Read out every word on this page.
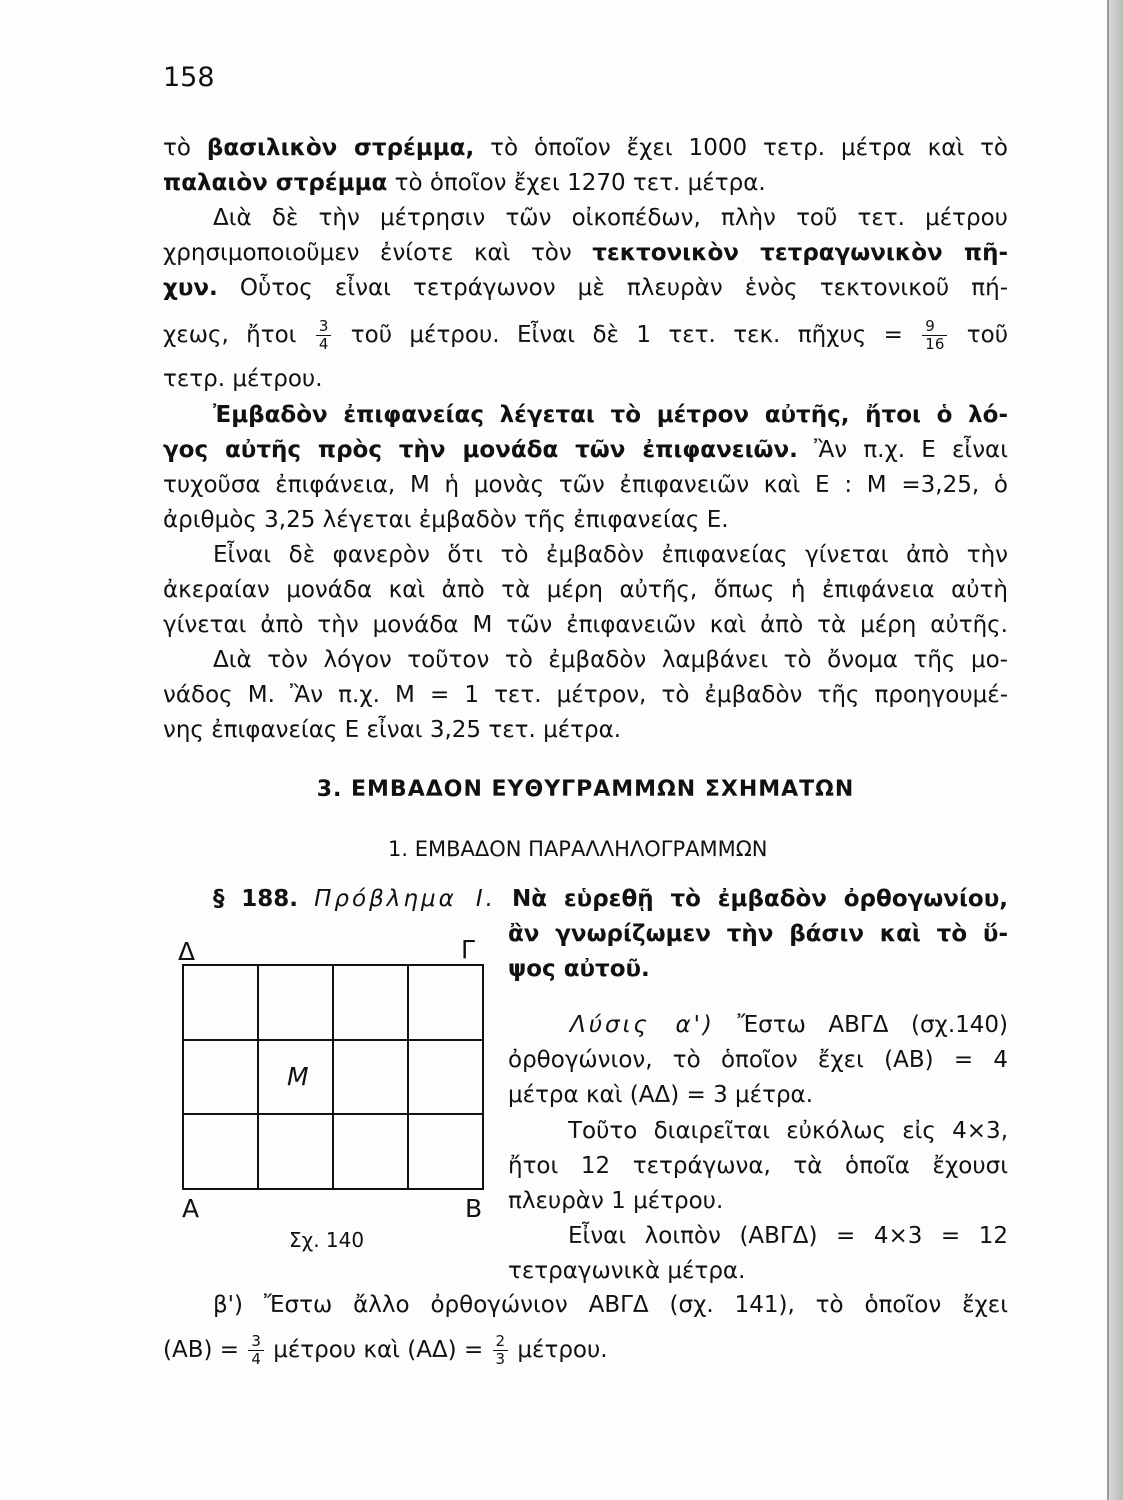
158
τὸ βασιλικὸν στρέμμα, τὸ ὁποῖον ἔχει 1000 τετρ. μέτρα καὶ τὸ
παλαιὸν στρέμμα τὸ ὁποῖον ἔχει 1270 τετ. μέτρα.
Διὰ δὲ τὴν μέτρησιν τῶν οἰκοπέδων, πλὴν τοῦ τετ. μέτρου
χρησιμοποιοῦμεν ἐνίοτε καὶ τὸν τεκτονικὸν τετραγωνικὸν πῆ-
χυν. Οὗτος εἶναι τετράγωνον μὲ πλευρὰν ἑνὸς τεκτονικοῦ πή-
χεως, ἤτοι $\frac{3}{4}$ τοῦ μέτρου. Εἶναι δὲ 1 τετ. τεκ. πῆχυς = $\frac{9}{16}$ τοῦ
τετρ. μέτρου.
Ἐμβαδὸν ἐπιφανείας λέγεται τὸ μέτρον αὐτῆς, ἤτοι ὁ λό-
γος αὐτῆς πρὸς τὴν μονάδα τῶν ἐπιφανειῶν. Ἂν π.χ. Ε εἶναι
τυχοῦσα ἐπιφάνεια, Μ ἡ μονὰς τῶν ἐπιφανειῶν καὶ Ε : Μ =3,25, ὁ
ἀριθμὸς 3,25 λέγεται ἐμβαδὸν τῆς ἐπιφανείας Ε.
Εἶναι δὲ φανερὸν ὅτι τὸ ἐμβαδὸν ἐπιφανείας γίνεται ἀπὸ τὴν
ἀκεραίαν μονάδα καὶ ἀπὸ τὰ μέρη αὐτῆς, ὅπως ἡ ἐπιφάνεια αὐτὴ
γίνεται ἀπὸ τὴν μονάδα Μ τῶν ἐπιφανειῶν καὶ ἀπὸ τὰ μέρη αὐτῆς.
Διὰ τὸν λόγον τοῦτον τὸ ἐμβαδὸν λαμβάνει τὸ ὄνομα τῆς μο-
νάδος Μ. Ἂν π.χ. Μ = 1 τετ. μέτρον, τὸ ἐμβαδὸν τῆς προηγουμέ-
νης ἐπιφανείας Ε εἶναι 3,25 τετ. μέτρα.
3. ΕΜΒΑΔΟΝ ΕΥΘΥΓΡΑΜΜΩΝ ΣΧΗΜΑΤΩΝ
1. ΕΜΒΑΔΟΝ ΠΑΡΑΛΛΗΛΟΓΡΑΜΜΩΝ
§ 188. Πρόβλημα Ι. Νὰ εὑρεθῇ τὸ ἐμβαδὸν ὀρθογωνίου,
ἂν γνωρίζωμεν τὴν βάσιν καὶ τὸ ὕ-
ψος αὐτοῦ.
Δ	Γ
Α	Β
Μ
Σχ. 140
Λύσις α') Ἔστω ΑΒΓΔ (σχ.140)
ὀρθογώνιον, τὸ ὁποῖον ἔχει (ΑΒ) = 4
μέτρα καὶ (ΑΔ) = 3 μέτρα.
Τοῦτο διαιρεῖται εὐκόλως εἰς 4×3,
ἤτοι 12 τετράγωνα, τὰ ὁποῖα ἔχουσι
πλευρὰν 1 μέτρου.
Εἶναι λοιπὸν (ΑΒΓΔ) = 4×3 = 12
τετραγωνικὰ μέτρα.
β') Ἔστω ἄλλο ὀρθογώνιον ΑΒΓΔ (σχ. 141), τὸ ὁποῖον ἔχει
$(AB) = \frac{3}{4}$ μέτρου καὶ $(A\Delta) = \frac{2}{3} \mu έ\tau\rho o\upsilon$.
